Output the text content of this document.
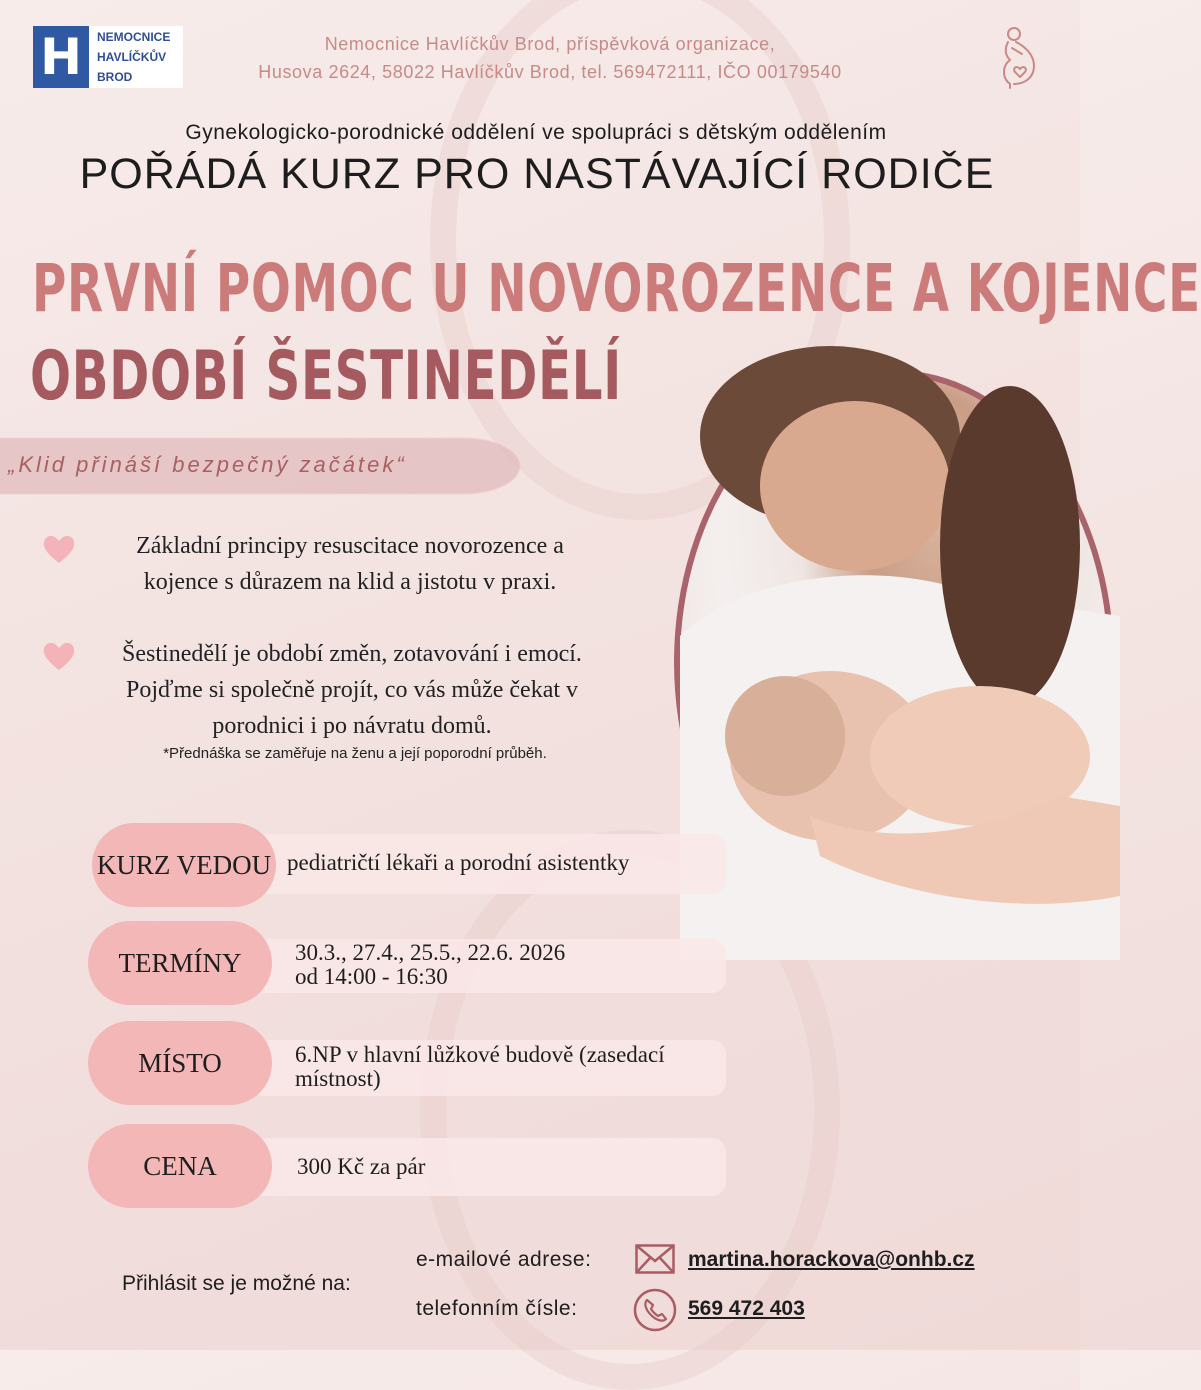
H	NEMOCNICE
HAVLÍČKŮV
BROD
Nemocnice Havlíčkův Brod, příspěvková organizace,
Husova 2624, 58022 Havlíčkův Brod, tel. 569472111, IČO 00179540
Gynekologicko-porodnické oddělení ve spolupráci s dětským oddělením
POŘÁDÁ KURZ PRO NASTÁVAJÍCÍ RODIČE
PRVNÍ POMOC U NOVOROZENCE A KOJENCE
OBDOBÍ ŠESTINEDĚLÍ
„Klid přináší bezpečný začátek“
Základní principy resuscitace novorozence a
kojence s důrazem na klid a jistotu v praxi.
Šestinedělí je období změn, zotavování i emocí.
Pojďme si společně projít, co vás může čekat v
porodnici i po návratu domů.
*Přednáška se zaměřuje na ženu a její poporodní průběh.
KURZ VEDOU pediatričtí lékaři a porodní asistentky
TERMÍNY	30.3., 27.4., 25.5., 22.6. 2026
od 14:00 - 16:30
MÍSTO	6.NP v hlavní lůžkové budově (zasedací
místnost)
CENA	300 Kč za pár
Přihlásit se je možné na:
e-mailové adrese:	martina.horackova@onhb.cz
telefonním čísle:	569 472 403
